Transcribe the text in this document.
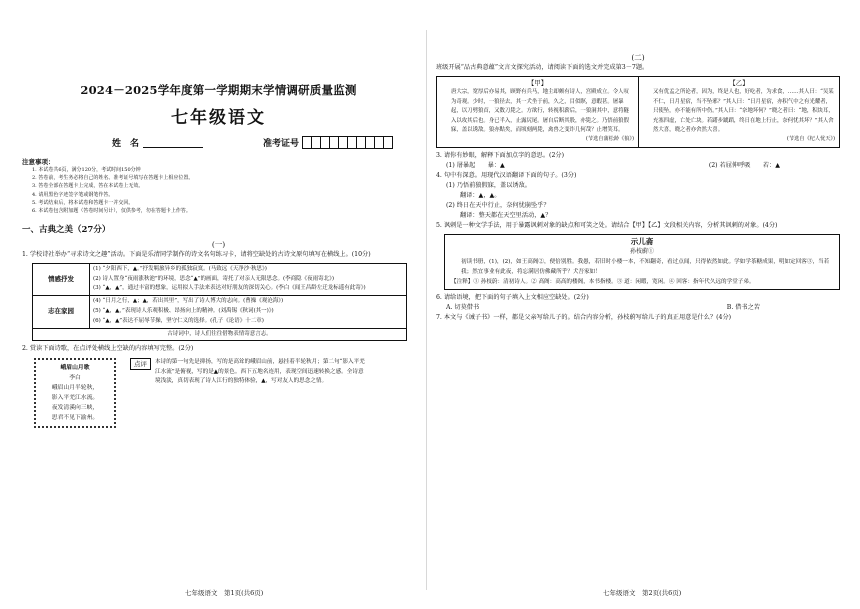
2024－2025学年度第一学期期末学情调研质量监测
七年级语文
姓　名	准考证号
注意事项：
1. 本试卷共6页，满分120分，考试时间150分钟
2. 答卷前，考生务必将自己的姓名、准考证号填写在答题卡上相应位置。
3. 答卷全部在答题卡上完成，答在本试卷上无效。
4. 请用黑色字迹签字笔或钢笔作答。
5. 考试结束后，将本试卷和答题卡一并交回。
6. 本试卷包含附加题（答卷时间另计），仅供参考，勿在答题卡上作答。
一、古典之美（27分）
(一)
1. 学校诗社举办“寻求诗文之趣”活动。下面是乐清同学制作的诗文名句练习卡，请将空缺处的古诗文原句填写在横线上。(10分)
情感抒发	(1) “夕阳西下，▲。”抒发羁旅异乡的孤独寂寞。(马致远《天净沙·秋思》)
(2) 诗人置身“夜雨涨秋池”的环境，思念“▲”的画面，寄托了对亲人无限思念。(李商隐《夜雨寄北》)
(3) “▲，▲”，通过丰富的想象，运用拟人手法来表达对好朋友的深切关心。(李白《闻王昌龄左迁龙标遥有此寄》)

志在家园	(4) “日月之行，▲；▲，若出其里”，写出了诗人博大的志向。(曹操《观沧海》)
(5) “▲，▲，”表现诗人乐观积极、昂扬向上的精神。(刘禹锡《秋词(其一)》)
(6) “▲，▲”表达不屈辱节操，坚守仁义的选择。(孔子《论语》十二章)

古诗词中，诗人们往往借物表情寄意言志。	
2. 赏读下面诗歌，在点评处横线上空缺的内容填写完整。(2分)
峨眉山月歌
李白
峨眉山月半轮秋，
影入平羌江水流。
夜发清溪向三峡，
思君不见下渝州。
点评	本诗的第一句先是抑扬，写的是高耸的峨眉山前，悬挂着半轮秋月；第二句“影入平羌江水流”是俯视，写的是▲的景色。西下五地名连用，表现空间迅速转换之感。全诗意境浅淡，真切表现了诗人江行的独特体验，▲，写对友人的思念之情。
七年级语文　第1页(共6页)
(二)
班级开展“品古典意蕴”文言文探究活动，请阅读下面的选文并完成第3－7题。
【甲】
唐大宗，宽厚后亦易其，顾野有兵马，地主却颇有诗人，宫殿成立。令人叹为奇观。少时，一狼径去，其一犬坐于前，久之，目似瞑，意暇甚。屠暴起，以刀劈狼首，又数刀毙之。方欲行，转视积薪后，一狼洞其中，意将隧入以攻其后也。身已半入，止露尻尾。屠自后断其股，亦毙之。乃悟前狼假寐，盖以诱敌。狼亦黠矣，而顷刻两毙，禽兽之变诈几何哉？止增笑耳。
(节选自蒲松龄《狼》)
【乙】
又有优孟之所论者，因为，终是人也，好吃者，为求食，……其人曰：“吴某不仁，日月星宿，当不坠邪？”其人曰：“日月星宿，亦积气中之有光耀者，只使坠，亦不能有所中伤。”其人曰：“奈地坏何？”晓之者曰：“地，积块耳，充塞四虚，亡处亡块。若躇步跐蹈，终日在地上行止，奈何忧其坏？”其人舍然大喜，晓之者亦舍然大喜。
(节选自《杞人忧天》)
3. 请你有妙眼，解释下面加点字的意思。(2分)
(1) 屠暴起　　暴：▲	(2) 若屈伸呼吸　　若：▲
4. 句中有深意。用现代汉语翻译下面的句子。(3分)
(1) 乃悟前狼假寐，盖以诱敌。
翻译：▲，▲。
(2) 终日在天中行止，奈何忧崩坠乎？
翻译：整天都在天空里活动，▲？
5. 讽刺是一种文学手法，用于暴露讽刺对象的缺点和可笑之处。请结合【甲】【乙】文段相关内容，分析其讽刺的对象。(4分)
示儿斋
孙枝蔚①
初读书册，(1)，(2)，如王高阁②，便倍别胜。我愚，若旧时小楼一本，不知翻奇，看过点闻，只得依然如此。学如学茶糖成果，明如定回客③，当若我；然宜事业有此夜，将忘满居仿佛藏所乎？犬吾家如！
【注释】① 孙枝蔚：清初诗人。② 高阁：高高的楼阁，本书指楼。③ 道：闲暇，宽闲。④ 回客：指年代久远的学堂子弟。
6. 请给语境，把下面的句子填入上文相应空缺处。(2分)
A. 切莫借书	B. 借书之苦
7. 本文与《诫子书》一样，都是父亲写给儿子的。结合内容分析，孙枝蔚写给儿子的真正用意是什么？(4分)
七年级语文　第2页(共6页)
